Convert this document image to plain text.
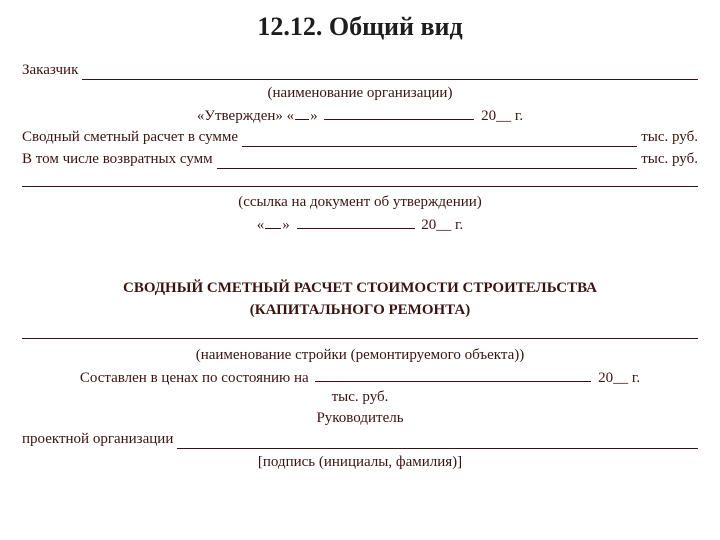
12.12. Общий вид
Заказчик
(наименование организации)
«Утвержден» « »	20__ г.
Сводный сметный расчет в сумме	тыс. руб.
В том числе возвратных сумм	тыс. руб.
(ссылка на документ об утверждении)
« »	20__ г.
СВОДНЫЙ СМЕТНЫЙ РАСЧЕТ СТОИМОСТИ СТРОИТЕЛЬСТВА
(КАПИТАЛЬНОГО РЕМОНТА)
(наименование стройки (ремонтируемого объекта))
Составлен в ценах по состоянию на	20__ г.
тыс. руб.
Руководитель
проектной организации
[подпись (инициалы, фамилия)]
